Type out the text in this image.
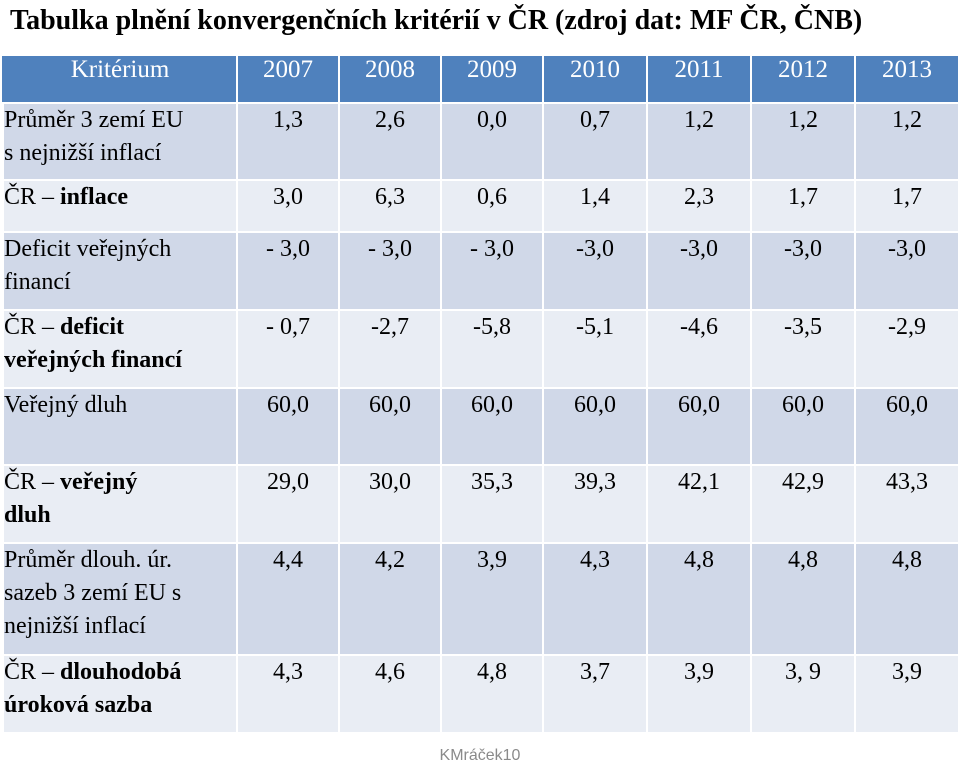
Tabulka plnění konvergenčních kritérií v ČR (zdroj dat: MF ČR, ČNB)
Kritérium	2007	2008	2009	2010	2011	2012	2013
Průměr 3 zemí EU
s nejnižší inflací	1,3	2,6	0,0	0,7	1,2	1,2	1,2
ČR – inflace	3,0	6,3	0,6	1,4	2,3	1,7	1,7
Deficit veřejných
financí	- 3,0	- 3,0	- 3,0	-3,0	-3,0	-3,0	-3,0
ČR – deficit
veřejných financí	- 0,7	-2,7	-5,8	-5,1	-4,6	-3,5	-2,9
Veřejný dluh	60,0	60,0	60,0	60,0	60,0	60,0	60,0
ČR – veřejný
dluh	29,0	30,0	35,3	39,3	42,1	42,9	43,3
Průměr dlouh. úr.
sazeb 3 zemí EU s
nejnižší inflací	4,4	4,2	3,9	4,3	4,8	4,8	4,8
ČR – dlouhodobá
úroková sazba	4,3	4,6	4,8	3,7	3,9	3, 9	3,9
KMráček10
